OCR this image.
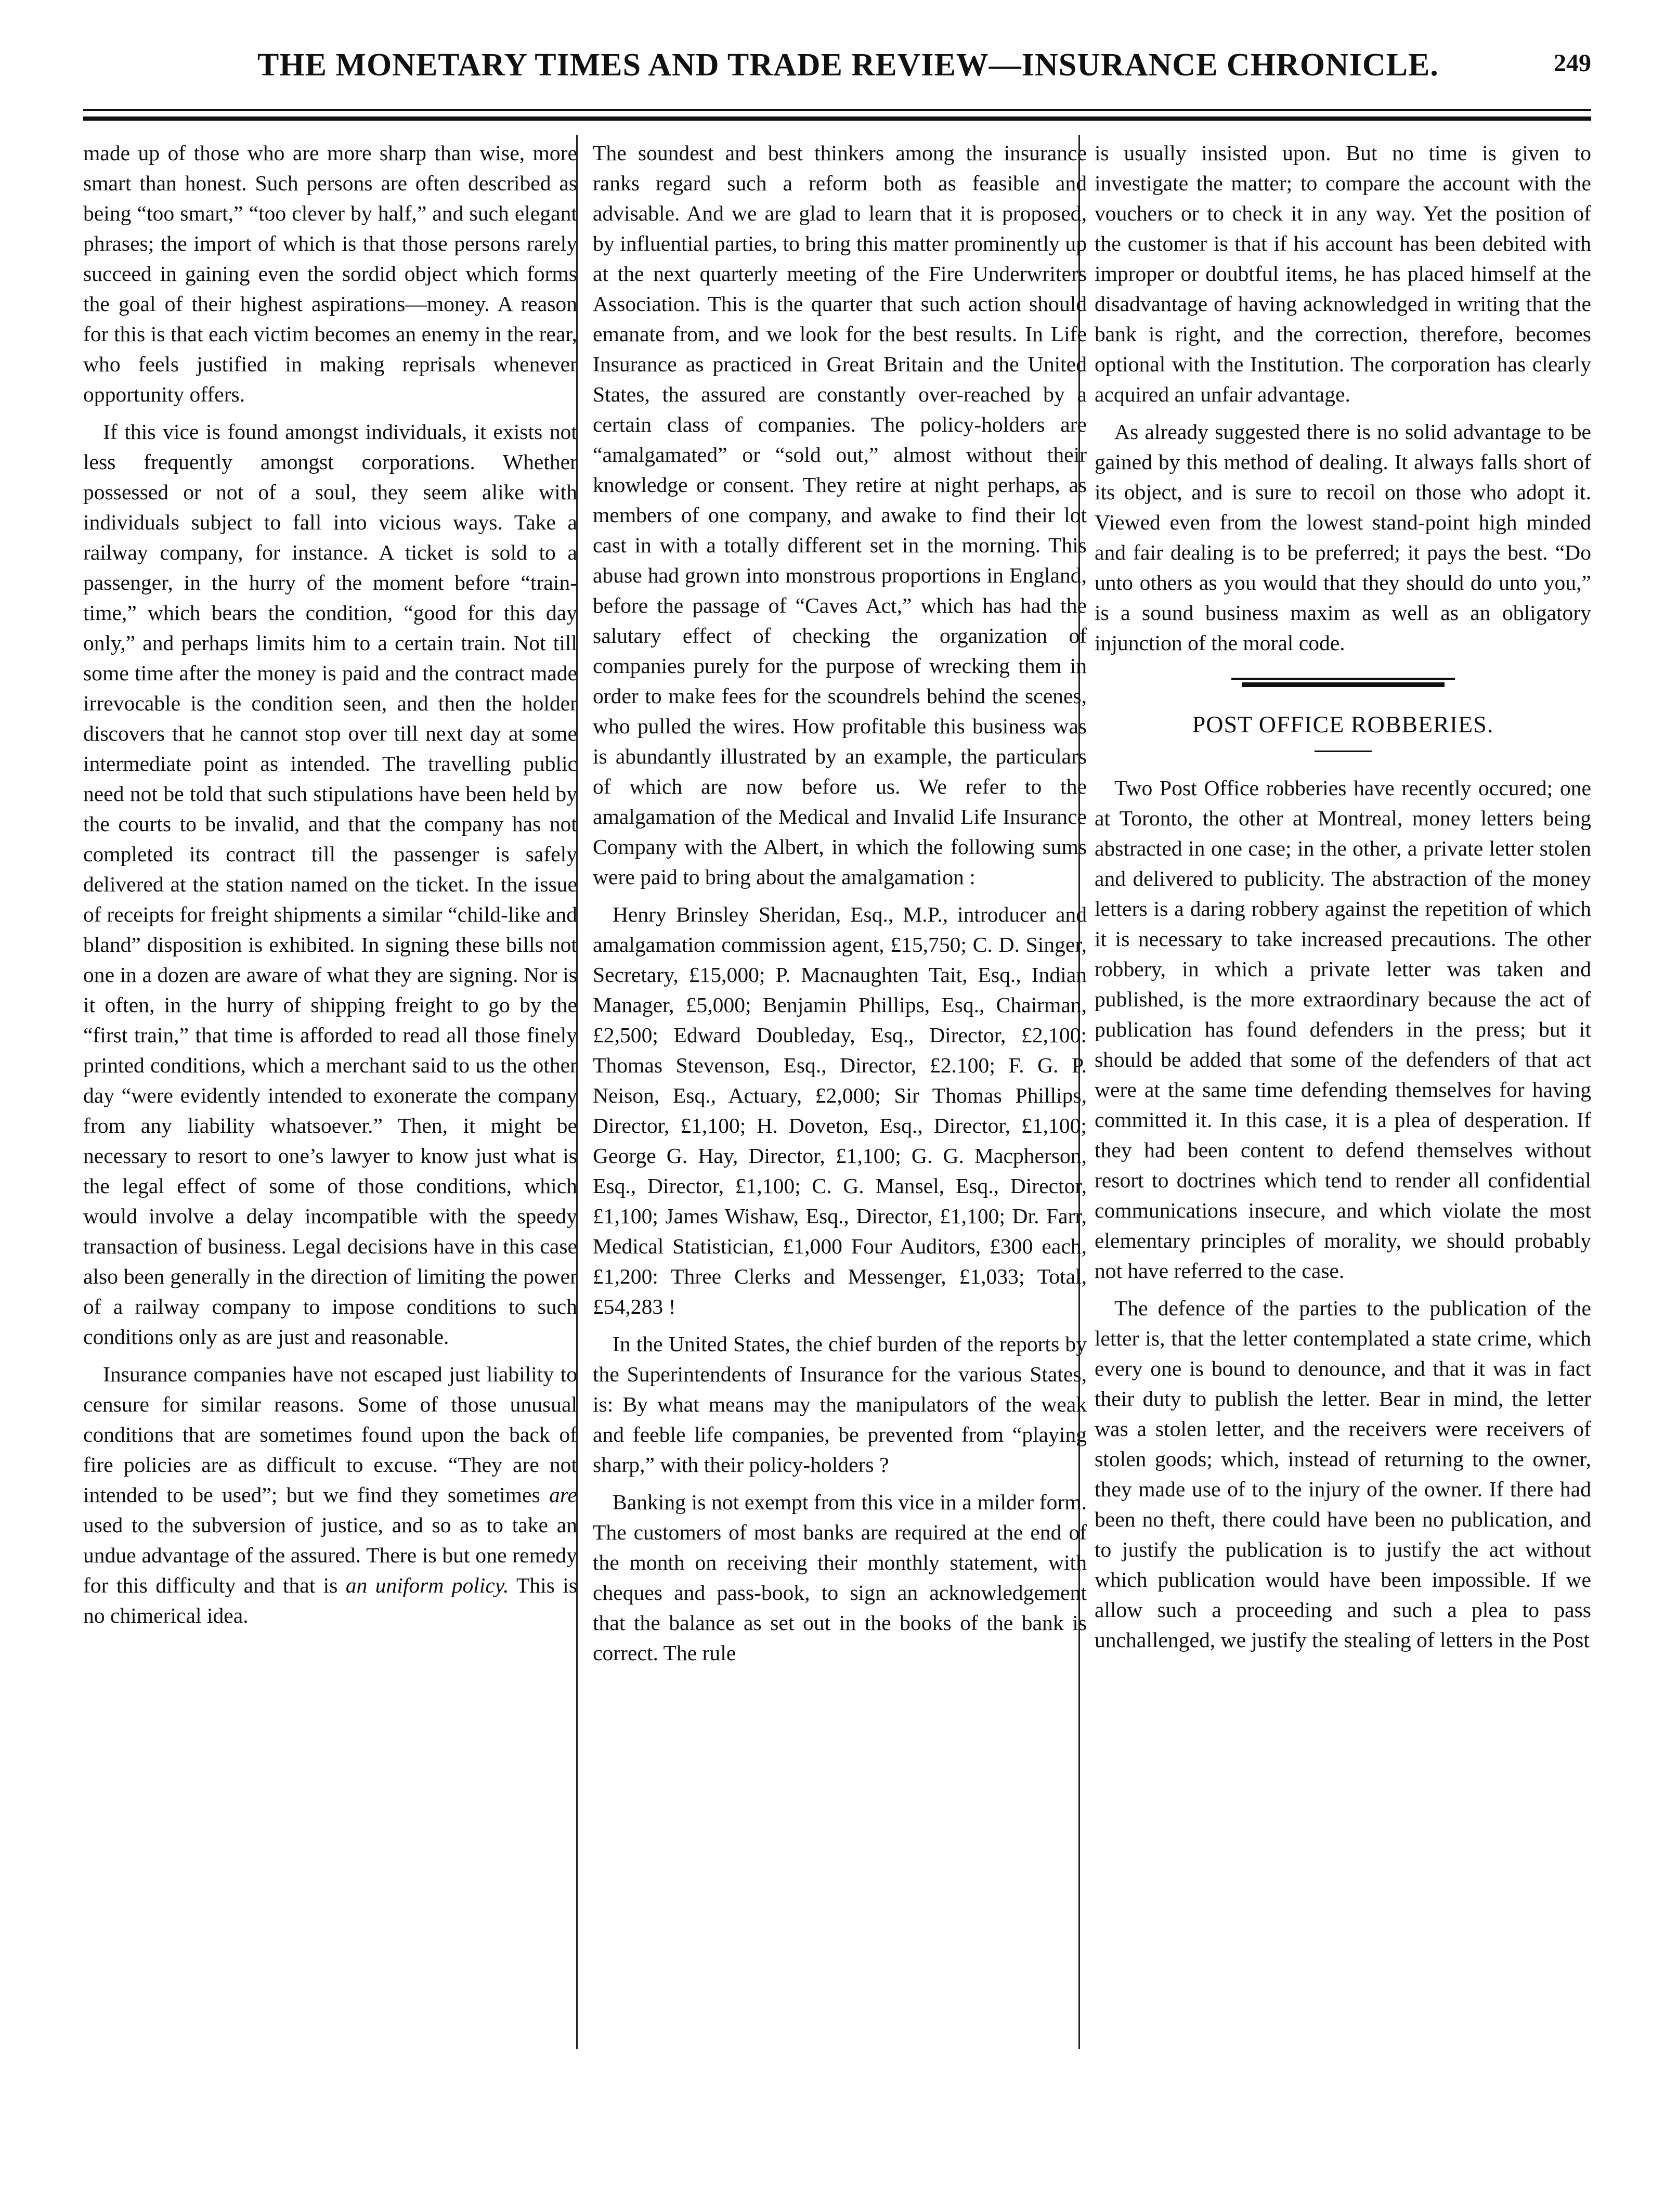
THE MONETARY TIMES AND TRADE REVIEW—INSURANCE CHRONICLE.	249

made up of those who are more sharp than wise, more smart than honest. Such persons are often described as being “too smart,” “too clever by half,” and such elegant phrases; the import of which is that those persons rarely succeed in gaining even the sordid object which forms the goal of their highest aspirations—money. A reason for this is that each victim becomes an enemy in the rear, who feels justified in making reprisals whenever opportunity offers.

If this vice is found amongst individuals, it exists not less frequently amongst corporations. Whether possessed or not of a soul, they seem alike with individuals subject to fall into vicious ways. Take a railway company, for instance. A ticket is sold to a passenger, in the hurry of the moment before “train-time,” which bears the condition, “good for this day only,” and perhaps limits him to a certain train. Not till some time after the money is paid and the contract made irrevocable is the condition seen, and then the holder discovers that he cannot stop over till next day at some intermediate point as intended. The travelling public need not be told that such stipulations have been held by the courts to be invalid, and that the company has not completed its contract till the passenger is safely delivered at the station named on the ticket. In the issue of receipts for freight shipments a similar “child-like and bland” disposition is exhibited. In signing these bills not one in a dozen are aware of what they are signing. Nor is it often, in the hurry of shipping freight to go by the “first train,” that time is afforded to read all those finely printed conditions, which a merchant said to us the other day “were evidently intended to exonerate the company from any liability whatsoever.” Then, it might be necessary to resort to one’s lawyer to know just what is the legal effect of some of those conditions, which would involve a delay incompatible with the speedy transaction of business. Legal decisions have in this case also been generally in the direction of limiting the power of a railway company to impose conditions to such conditions only as are just and reasonable.

Insurance companies have not escaped just liability to censure for similar reasons. Some of those unusual conditions that are sometimes found upon the back of fire policies are as difficult to excuse. “They are not intended to be used”; but we find they sometimes are used to the subversion of justice, and so as to take an undue advantage of the assured. There is but one remedy for this difficulty and that is an uniform policy. This is no chimerical idea.

The soundest and best thinkers among the insurance ranks regard such a reform both as feasible and advisable. And we are glad to learn that it is proposed, by influential parties, to bring this matter prominently up at the next quarterly meeting of the Fire Underwriters Association. This is the quarter that such action should emanate from, and we look for the best results. In Life Insurance as practiced in Great Britain and the United States, the assured are constantly over-reached by a certain class of companies. The policy-holders are “amalgamated” or “sold out,” almost without their knowledge or consent. They retire at night perhaps, as members of one company, and awake to find their lot cast in with a totally different set in the morning. This abuse had grown into monstrous proportions in England, before the passage of “Caves Act,” which has had the salutary effect of checking the organization of companies purely for the purpose of wrecking them in order to make fees for the scoundrels behind the scenes, who pulled the wires. How profitable this business was is abundantly illustrated by an example, the particulars of which are now before us. We refer to the amalgamation of the Medical and Invalid Life Insurance Company with the Albert, in which the following sums were paid to bring about the amalgamation :

Henry Brinsley Sheridan, Esq., M.P., introducer and amalgamation commission agent, £15,750; C. D. Singer, Secretary, £15,000; P. Macnaughten Tait, Esq., Indian Manager, £5,000; Benjamin Phillips, Esq., Chairman, £2,500; Edward Doubleday, Esq., Director, £2,100: Thomas Stevenson, Esq., Director, £2.100; F. G. P. Neison, Esq., Actuary, £2,000; Sir Thomas Phillips, Director, £1,100; H. Doveton, Esq., Director, £1,100; George G. Hay, Director, £1,100; G. G. Macpherson, Esq., Director, £1,100; C. G. Mansel, Esq., Director, £1,100; James Wishaw, Esq., Director, £1,100; Dr. Farr, Medical Statistician, £1,000 Four Auditors, £300 each, £1,200: Three Clerks and Messenger, £1,033; Total, £54,283 !

In the United States, the chief burden of the reports by the Superintendents of Insurance for the various States, is: By what means may the manipulators of the weak and feeble life companies, be prevented from “playing sharp,” with their policy-holders ?

Banking is not exempt from this vice in a milder form. The customers of most banks are required at the end of the month on receiving their monthly statement, with cheques and pass-book, to sign an acknowledgement that the balance as set out in the books of the bank is correct. The rule

is usually insisted upon. But no time is given to investigate the matter; to compare the account with the vouchers or to check it in any way. Yet the position of the customer is that if his account has been debited with improper or doubtful items, he has placed himself at the disadvantage of having acknowledged in writing that the bank is right, and the correction, therefore, becomes optional with the Institution. The corporation has clearly acquired an unfair advantage.

As already suggested there is no solid advantage to be gained by this method of dealing. It always falls short of its object, and is sure to recoil on those who adopt it. Viewed even from the lowest stand-point high minded and fair dealing is to be preferred; it pays the best. “Do unto others as you would that they should do unto you,” is a sound business maxim as well as an obligatory injunction of the moral code.

POST OFFICE ROBBERIES.

Two Post Office robberies have recently occured; one at Toronto, the other at Montreal, money letters being abstracted in one case; in the other, a private letter stolen and delivered to publicity. The abstraction of the money letters is a daring robbery against the repetition of which it is necessary to take increased precautions. The other robbery, in which a private letter was taken and published, is the more extraordinary because the act of publication has found defenders in the press; but it should be added that some of the defenders of that act were at the same time defending themselves for having committed it. In this case, it is a plea of desperation. If they had been content to defend themselves without resort to doctrines which tend to render all confidential communications insecure, and which violate the most elementary principles of morality, we should probably not have referred to the case.

The defence of the parties to the publication of the letter is, that the letter contemplated a state crime, which every one is bound to denounce, and that it was in fact their duty to publish the letter. Bear in mind, the letter was a stolen letter, and the receivers were receivers of stolen goods; which, instead of returning to the owner, they made use of to the injury of the owner. If there had been no theft, there could have been no publication, and to justify the publication is to justify the act without which publication would have been impossible. If we allow such a proceeding and such a plea to pass unchallenged, we justify the stealing of letters in the Post
